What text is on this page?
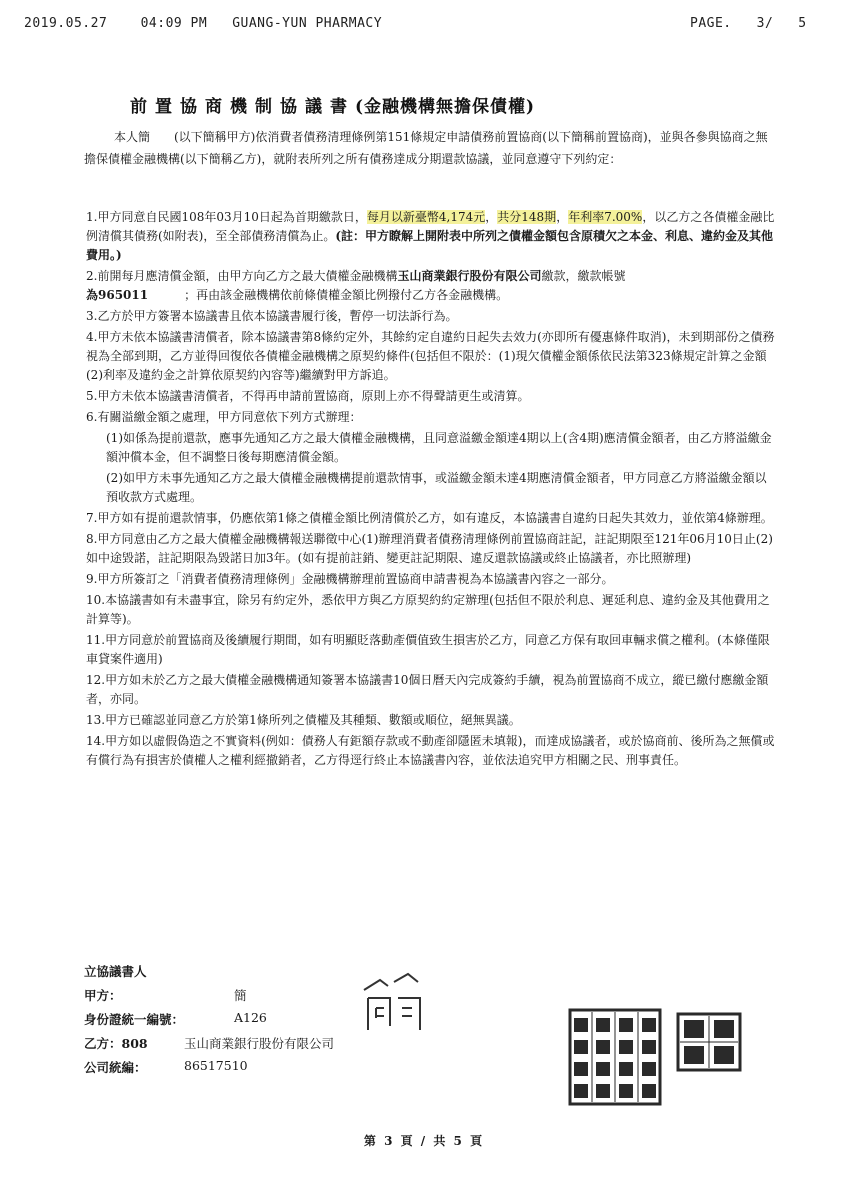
2019.05.27	04:09 PM GUANG-YUN PHARMACY	PAGE. 3/ 5
前置協商機制協議書(金融機構無擔保債權)
本人簡　　(以下簡稱甲方)依消費者債務清理條例第151條規定申請債務前置協商(以下簡稱前置協商)，並與各參與協商之無擔保債權金融機構(以下簡稱乙方)，就附表所列之所有債務達成分期還款協議，並同意遵守下列約定：

1.甲方同意自民國108年03月10日起為首期繳款日，每月以新臺幣4,174元，共分148期，年利率7.00%，以乙方之各債權金融比例清償其債務(如附表)，至全部債務清償為止。(註：甲方瞭解上開附表中所列之債權金額包含原積欠之本金、利息、違約金及其他費用。)

2.前開每月應清償金額，由甲方向乙方之最大債權金融機構玉山商業銀行股份有限公司繳款，繳款帳號
為965011　　　；再由該金融機構依前條債權金額比例撥付乙方各金融機構。

3.乙方於甲方簽署本協議書且依本協議書履行後，暫停一切法訴行為。

4.甲方未依本協議書清償者，除本協議書第8條約定外，其餘約定自違約日起失去效力(亦即所有優惠條件取消)，未到期部份之債務視為全部到期，乙方並得回復依各債權金融機構之原契約條件(包括但不限於：(1)現欠債權金額係依民法第323條規定計算之金額(2)利率及違約金之計算依原契約內容等)繼續對甲方訴追。

5.甲方未依本協議書清償者，不得再申請前置協商，原則上亦不得聲請更生或清算。

6.有關溢繳金額之處理，甲方同意依下列方式辦理：

(1)如係為提前還款，應事先通知乙方之最大債權金融機構，且同意溢繳金額達4期以上(含4期)應清償金額者，由乙方將溢繳金額沖償本金，但不調整日後每期應清償金額。

(2)如甲方未事先通知乙方之最大債權金融機構提前還款情事，或溢繳金額未達4期應清償金額者，甲方同意乙方將溢繳金額以預收款方式處理。

7.甲方如有提前還款情事，仍應依第1條之債權金額比例清償於乙方，如有違反，本協議書自違約日起失其效力，並依第4條辦理。

8.甲方同意由乙方之最大債權金融機構報送聯徵中心(1)辦理消費者債務清理條例前置協商註記，註記期限至121年06月10日止(2)如中途毀諾，註記期限為毀諾日加3年。(如有提前註銷、變更註記期限、違反還款協議或終止協議者，亦比照辦理)

9.甲方所簽訂之「消費者債務清理條例」金融機構辦理前置協商申請書視為本協議書內容之一部分。

10.本協議書如有未盡事宜，除另有約定外，悉依甲方與乙方原契約約定辦理(包括但不限於利息、遲延利息、違約金及其他費用之計算等)。

11.甲方同意於前置協商及後續履行期間，如有明顯貶落動產價值致生損害於乙方，同意乙方保有取回車輛求償之權利。(本條僅限車貸案件適用)

12.甲方如未於乙方之最大債權金融機構通知簽署本協議書10個日曆天內完成簽約手續，視為前置協商不成立，縱已繳付應繳金額者，亦同。

13.甲方已確認並同意乙方於第1條所列之債權及其種類、數額或順位，絕無異議。

14.甲方如以虛假偽造之不實資料(例如：債務人有鉅額存款或不動產卻隱匿未填報)，而達成協議者，或於協商前、後所為之無償或有償行為有損害於債權人之權利經撤銷者，乙方得逕行終止本協議書內容，並依法追究甲方相關之民、刑事責任。

立協議書人

甲方：	簡

身份證統一編號：	A126

乙方：808	玉山商業銀行股份有限公司

公司統編：	86517510

第 3 頁 / 共 5 頁
